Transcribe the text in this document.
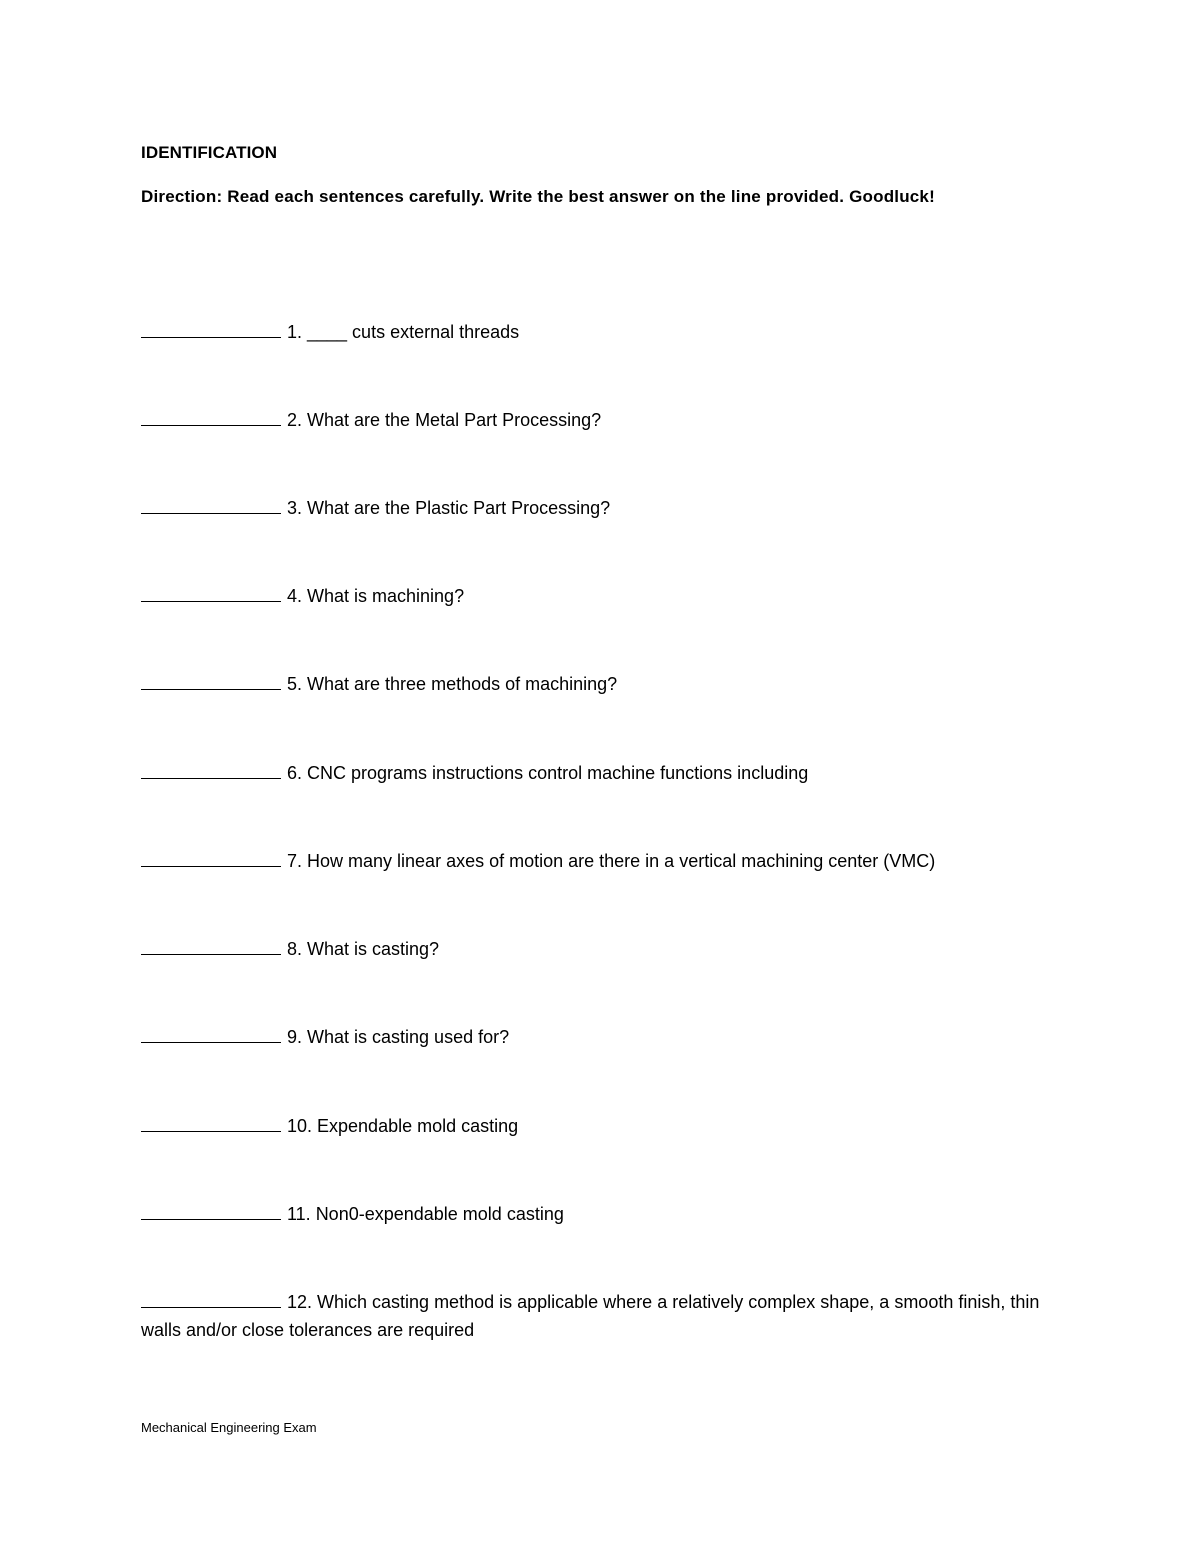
IDENTIFICATION
Direction: Read each sentences carefully. Write the best answer on the line provided. Goodluck!
1. ____ cuts external threads
2. What are the Metal Part Processing?
3. What are the Plastic Part Processing?
4. What is machining?
5. What are three methods of machining?
6. CNC programs instructions control machine functions including
7. How many linear axes of motion are there in a vertical machining center (VMC)
8. What is casting?
9. What is casting used for?
10. Expendable mold casting
11. Non0-expendable mold casting
12. Which casting method is applicable where a relatively complex shape, a smooth finish, thin walls and/or close tolerances are required
Mechanical Engineering Exam
